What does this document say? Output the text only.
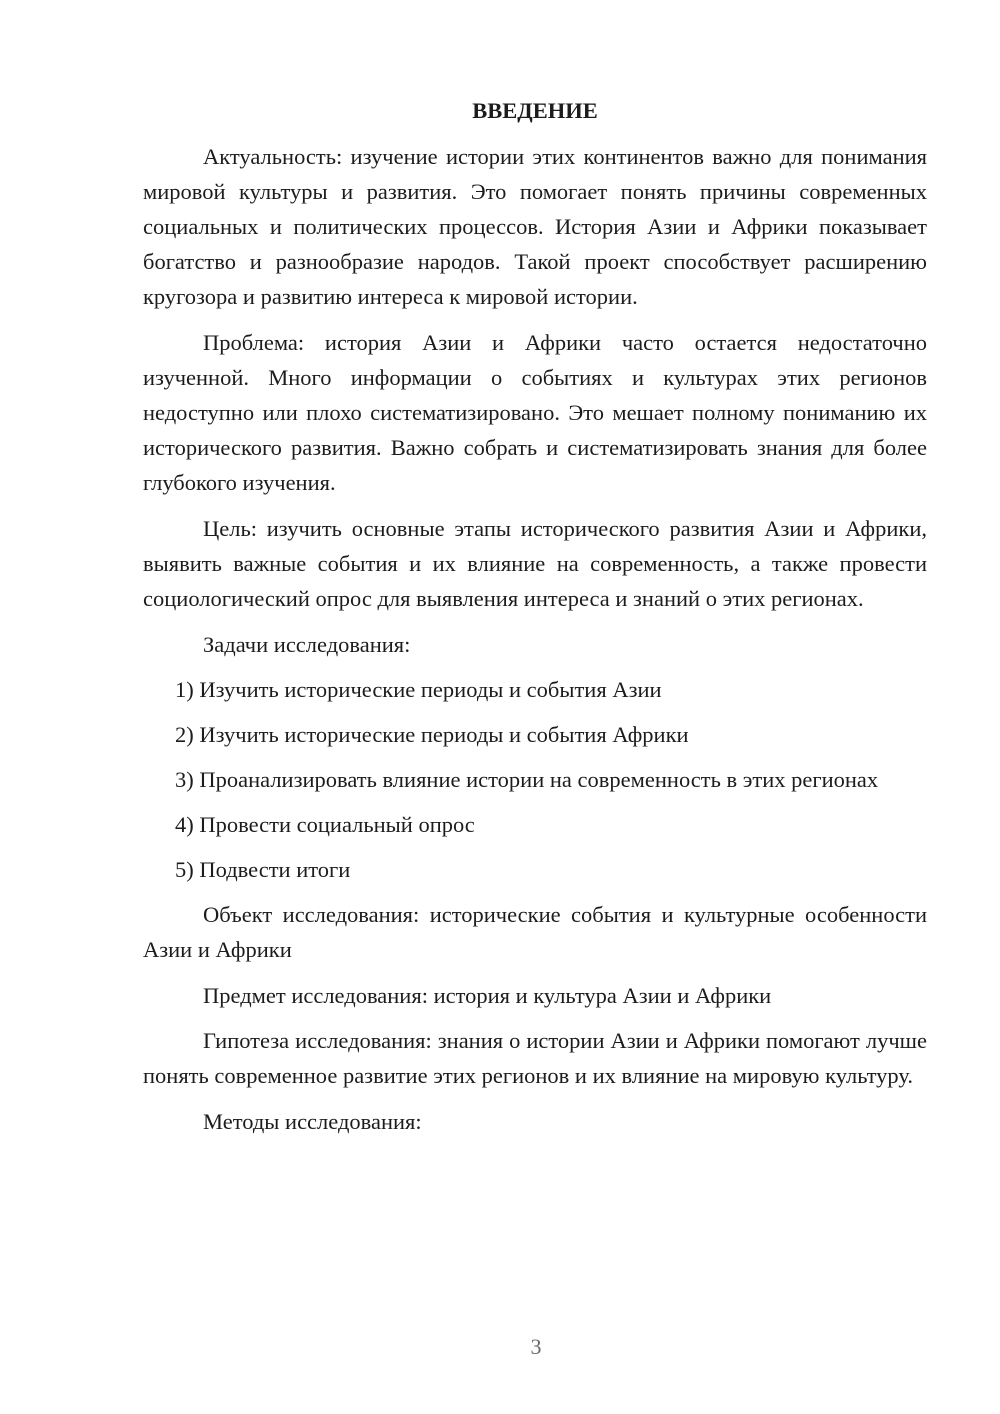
ВВЕДЕНИЕ
Актуальность: изучение истории этих континентов важно для понимания мировой культуры и развития. Это помогает понять причины современных социальных и политических процессов. История Азии и Африки показывает богатство и разнообразие народов. Такой проект способствует расширению кругозора и развитию интереса к мировой истории.
Проблема: история Азии и Африки часто остается недостаточно изученной. Много информации о событиях и культурах этих регионов недоступно или плохо систематизировано. Это мешает полному пониманию их исторического развития. Важно собрать и систематизировать знания для более глубокого изучения.
Цель: изучить основные этапы исторического развития Азии и Африки, выявить важные события и их влияние на современность, а также провести социологический опрос для выявления интереса и знаний о этих регионах.
Задачи исследования:
1) Изучить исторические периоды и события Азии
2) Изучить исторические периоды и события Африки
3) Проанализировать влияние истории на современность в этих регионах
4) Провести социальный опрос
5) Подвести итоги
Объект исследования: исторические события и культурные особенности Азии и Африки
Предмет исследования: история и культура Азии и Африки
Гипотеза исследования: знания о истории Азии и Африки помогают лучше понять современное развитие этих регионов и их влияние на мировую культуру.
Методы исследования:
3
